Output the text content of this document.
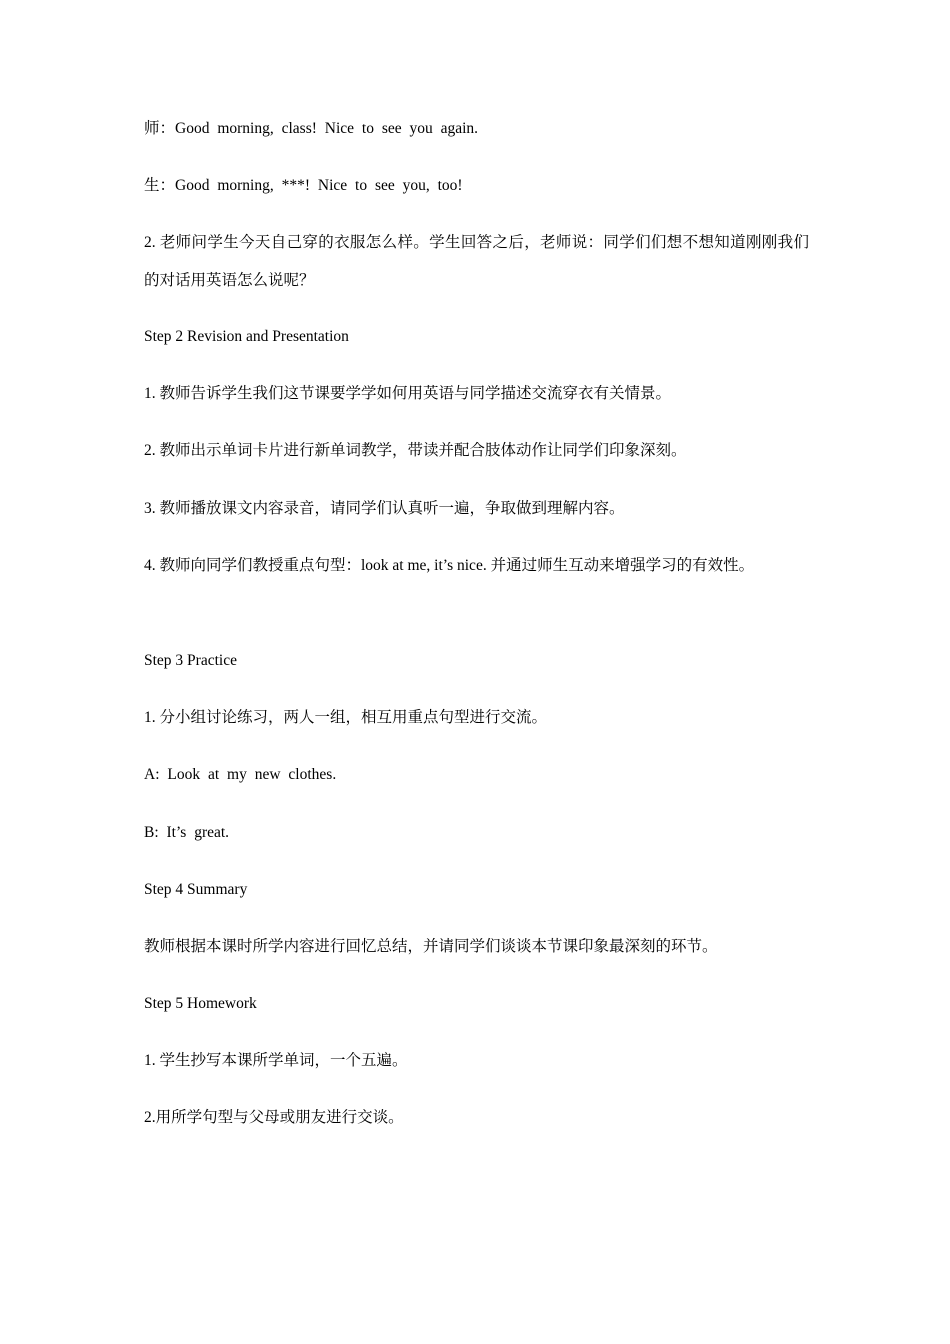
师：Good morning, class! Nice to see you again.
生：Good morning, ***! Nice to see you, too!
2. 老师问学生今天自己穿的衣服怎么样。学生回答之后，老师说：同学们们想不想知道刚刚我们的对话用英语怎么说呢？
Step 2 Revision and Presentation
1. 教师告诉学生我们这节课要学学如何用英语与同学描述交流穿衣有关情景。
2. 教师出示单词卡片进行新单词教学，带读并配合肢体动作让同学们印象深刻。
3. 教师播放课文内容录音，请同学们认真听一遍，争取做到理解内容。
4. 教师向同学们教授重点句型：look at me, it’s nice. 并通过师生互动来增强学习的有效性。
Step 3 Practice
1. 分小组讨论练习，两人一组，相互用重点句型进行交流。
A: Look at my new clothes.
B: It’s great.
Step 4 Summary
教师根据本课时所学内容进行回忆总结，并请同学们谈谈本节课印象最深刻的环节。
Step 5 Homework
1. 学生抄写本课所学单词，一个五遍。
2.用所学句型与父母或朋友进行交谈。
